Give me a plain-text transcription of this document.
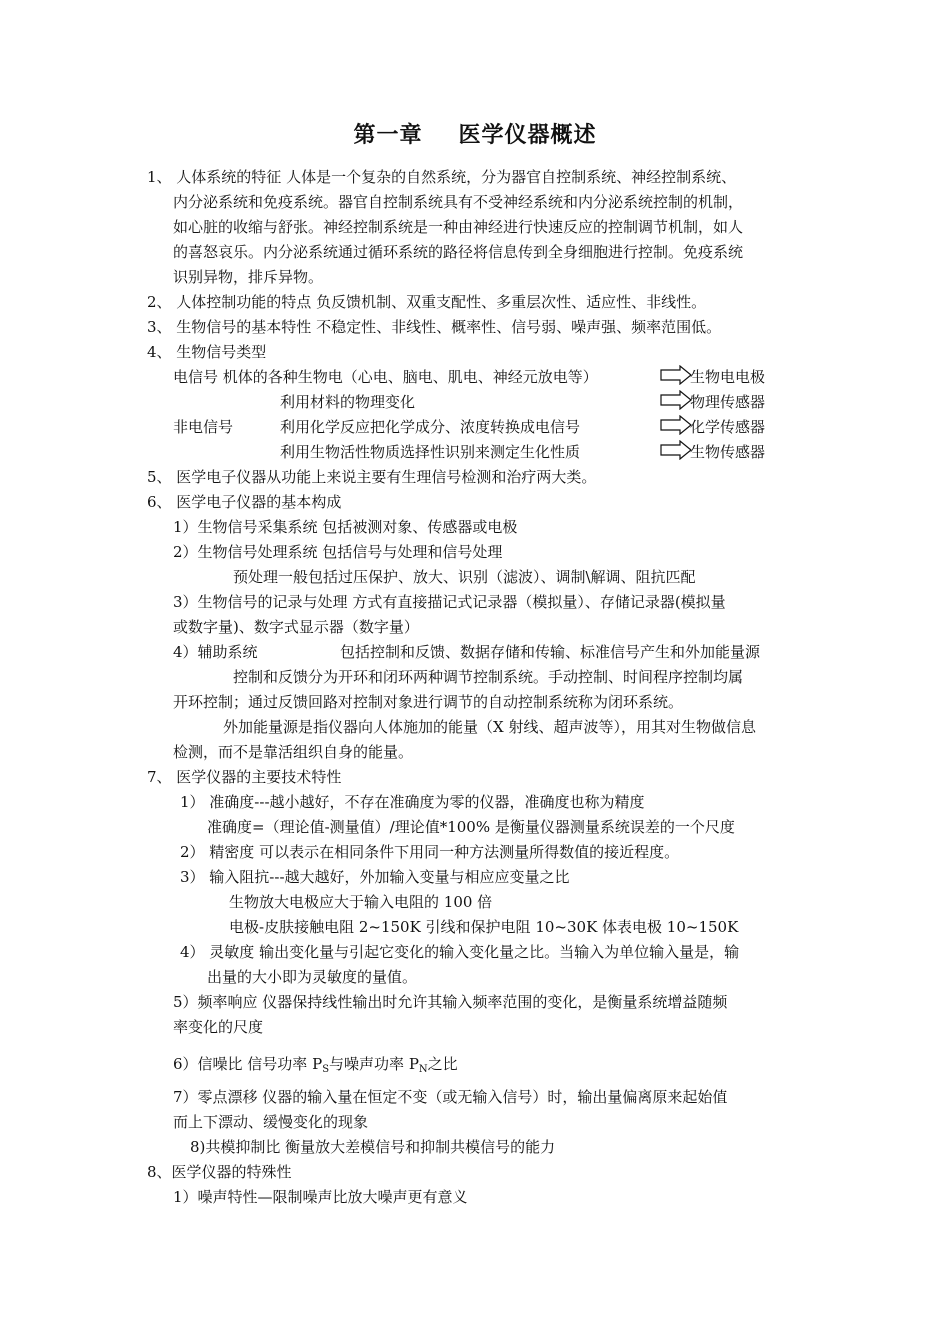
第一章 医学仪器概述
1、 人体系统的特征 人体是一个复杂的自然系统，分为器官自控制系统、神经控制系统、
内分泌系统和免疫系统。器官自控制系统具有不受神经系统和内分泌系统控制的机制，
如心脏的收缩与舒张。神经控制系统是一种由神经进行快速反应的控制调节机制，如人
的喜怒哀乐。内分泌系统通过循环系统的路径将信息传到全身细胞进行控制。免疫系统
识别异物，排斥异物。
2、 人体控制功能的特点 负反馈机制、双重支配性、多重层次性、适应性、非线性。
3、 生物信号的基本特性 不稳定性、非线性、概率性、信号弱、噪声强、频率范围低。
4、 生物信号类型
电信号 机体的各种生物电（心电、脑电、肌电、神经元放电等）
利用材料的物理变化
非电信号	利用化学反应把化学成分、浓度转换成电信号
利用生物活性物质选择性识别来测定生化性质
5、 医学电子仪器从功能上来说主要有生理信号检测和治疗两大类。
6、 医学电子仪器的基本构成
1）生物信号采集系统 包括被测对象、传感器或电极
2）生物信号处理系统 包括信号与处理和信号处理
预处理一般包括过压保护、放大、识别（滤波）、调制\解调、阻抗匹配
3）生物信号的记录与处理 方式有直接描记式记录器（模拟量）、存储记录器(模拟量
或数字量)、数字式显示器（数字量）
4）辅助系统	包括控制和反馈、数据存储和传输、标准信号产生和外加能量源
控制和反馈分为开环和闭环两种调节控制系统。手动控制、时间程序控制均属
开环控制；通过反馈回路对控制对象进行调节的自动控制系统称为闭环系统。
外加能量源是指仪器向人体施加的能量（X 射线、超声波等），用其对生物做信息
检测，而不是靠活组织自身的能量。
7、 医学仪器的主要技术特性
1） 准确度---越小越好，不存在准确度为零的仪器，准确度也称为精度
准确度=（理论值-测量值）/理论值*100% 是衡量仪器测量系统误差的一个尺度
2） 精密度 可以表示在相同条件下用同一种方法测量所得数值的接近程度。
3） 输入阻抗---越大越好，外加输入变量与相应应变量之比
生物放大电极应大于输入电阻的 100 倍
电极-皮肤接触电阻 2~150K 引线和保护电阻 10~30K 体表电极 10~150K
4） 灵敏度 输出变化量与引起它变化的输入变化量之比。当输入为单位输入量是，输
出量的大小即为灵敏度的量值。
5）频率响应 仪器保持线性输出时允许其输入频率范围的变化，是衡量系统增益随频
率变化的尺度
7）零点漂移 仪器的输入量在恒定不变（或无输入信号）时，输出量偏离原来起始值
而上下漂动、缓慢变化的现象
8)共模抑制比 衡量放大差模信号和抑制共模信号的能力
8、医学仪器的特殊性
1）噪声特性—限制噪声比放大噪声更有意义
生物电电极
物理传感器
化学传感器
生物传感器
6）信噪比 信号功率 $P_S$与噪声功率 $P_N$之比
